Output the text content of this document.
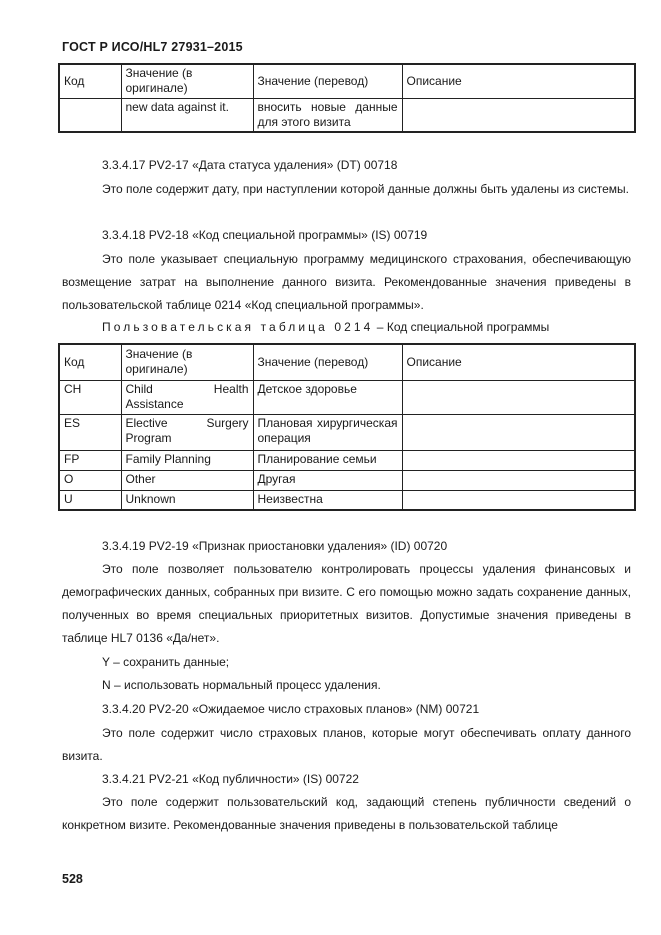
ГОСТ Р ИСО/HL7 27931–2015
Код	Значение (в оригинале)	Значение (перевод)	Описание
	new data against it.	вносить новые данные для этого визита	
3.3.4.17 PV2-17 «Дата статуса удаления» (DT) 00718
Это поле содержит дату, при наступлении которой данные должны быть удалены из системы.
3.3.4.18 PV2-18 «Код специальной программы» (IS) 00719
Это поле указывает специальную программу медицинского страхования, обеспечивающую возмещение затрат на выполнение данного визита. Рекомендованные значения приведены в пользовательской таблице 0214 «Код специальной программы».
Пользовательская таблица 0214 – Код специальной программы
Код	Значение (в оригинале)	Значение (перевод)	Описание
CH	Child Health Assistance	Детское здоровье	
ES	Elective Surgery Program	Плановая хирургическая операция	
FP	Family Planning	Планирование семьи	
O	Other	Другая	
U	Unknown	Неизвестна	
3.3.4.19 PV2-19 «Признак приостановки удаления» (ID) 00720
Это поле позволяет пользователю контролировать процессы удаления финансовых и демографических данных, собранных при визите. С его помощью можно задать сохранение данных, полученных во время специальных приоритетных визитов. Допустимые значения приведены в таблице HL7 0136 «Да/нет».
Y – сохранить данные;
N – использовать нормальный процесс удаления.
3.3.4.20 PV2-20 «Ожидаемое число страховых планов» (NM) 00721
Это поле содержит число страховых планов, которые могут обеспечивать оплату данного визита.
3.3.4.21 PV2-21 «Код публичности» (IS) 00722
Это поле содержит пользовательский код, задающий степень публичности сведений о конкретном визите. Рекомендованные значения приведены в пользовательской таблице
528
